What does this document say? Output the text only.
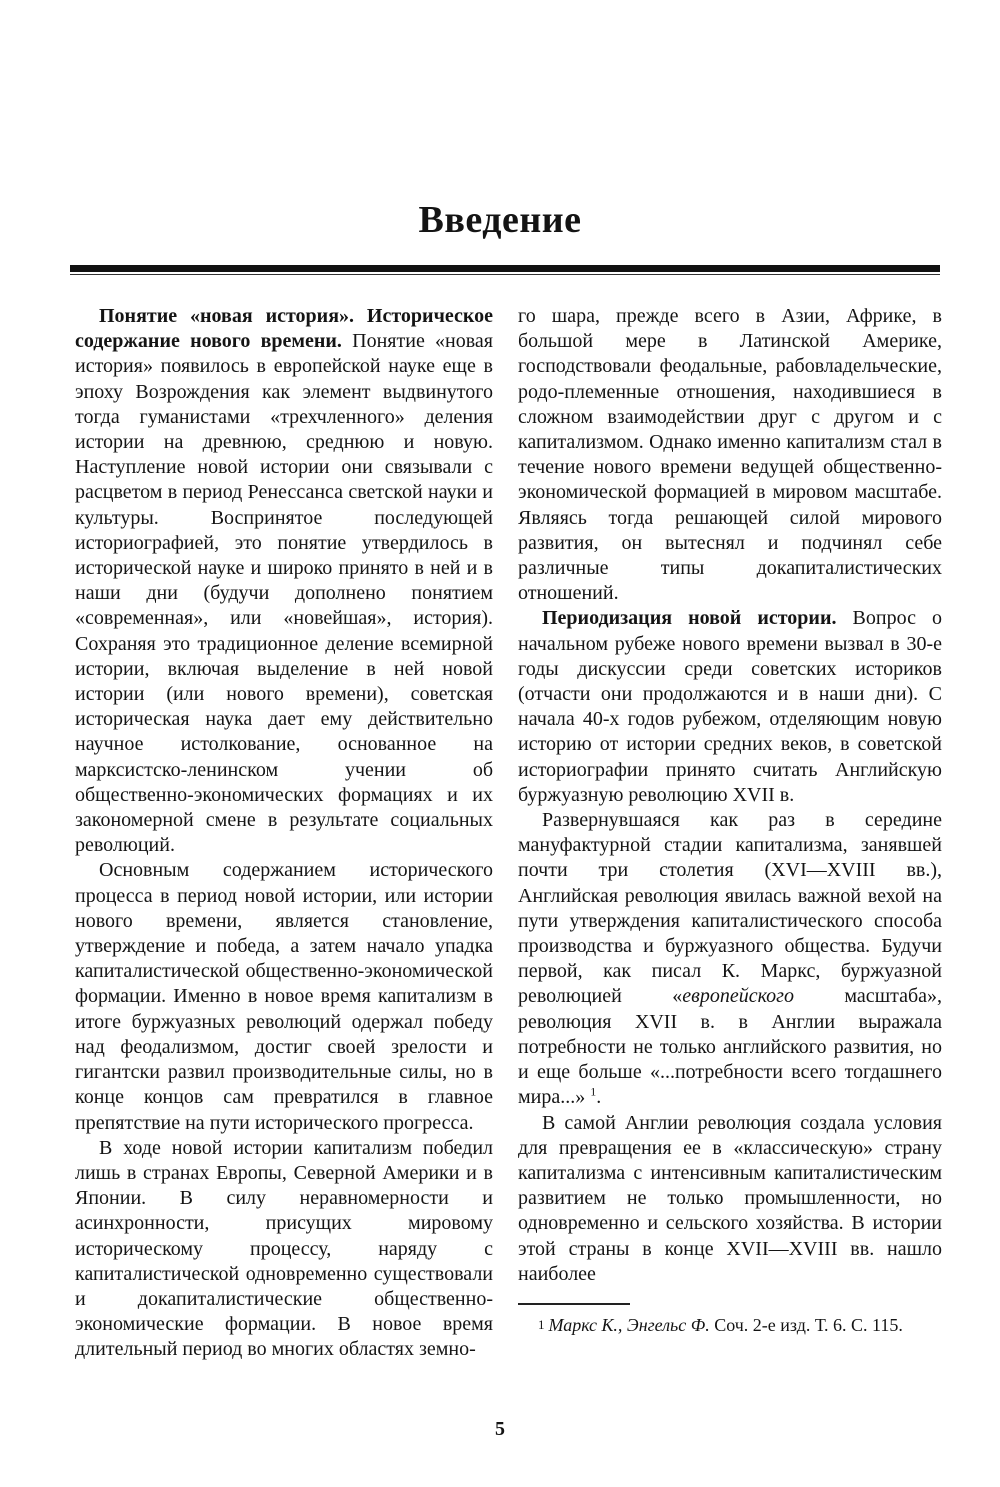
Введение

Понятие «новая история». Историческое содержание нового времени. Понятие «новая история» появилось в европейской науке еще в эпоху Возрождения как элемент выдвинутого тогда гуманистами «трехчленного» деления истории на древнюю, среднюю и новую. Наступление новой истории они связывали с расцветом в период Ренессанса светской науки и культуры. Воспринятое последующей историографией, это понятие утвердилось в исторической науке и широко принято в ней и в наши дни (будучи дополнено понятием «современная», или «новейшая», история). Сохраняя это традиционное деление всемирной истории, включая выделение в ней новой истории (или нового времени), советская историческая наука дает ему действительно научное истолкование, основанное на марксистско-ленинском учении об общественно-экономических формациях и их закономерной смене в результате социальных революций.

Основным содержанием исторического процесса в период новой истории, или истории нового времени, является становление, утверждение и победа, а затем начало упадка капиталистической общественно-экономической формации. Именно в новое время капитализм в итоге буржуазных революций одержал победу над феодализмом, достиг своей зрелости и гигантски развил производительные силы, но в конце концов сам превратился в главное препятствие на пути исторического прогресса.

В ходе новой истории капитализм победил лишь в странах Европы, Северной Америки и в Японии. В силу неравномерности и асинхронности, присущих мировому историческому процессу, наряду с капиталистической одновременно существовали и докапиталистические общественно-экономические формации. В новое время длительный период во многих областях земно-

го шара, прежде всего в Азии, Африке, в большой мере в Латинской Америке, господствовали феодальные, рабовладельческие, родо-племенные отношения, находившиеся в сложном взаимодействии друг с другом и с капитализмом. Однако именно капитализм стал в течение нового времени ведущей общественно-экономической формацией в мировом масштабе. Являясь тогда решающей силой мирового развития, он вытеснял и подчинял себе различные типы докапиталистических отношений.

Периодизация новой истории. Вопрос о начальном рубеже нового времени вызвал в 30-е годы дискуссии среди советских историков (отчасти они продолжаются и в наши дни). С начала 40-х годов рубежом, отделяющим новую историю от истории средних веков, в советской историографии принято считать Английскую буржуазную революцию XVII в.

Развернувшаяся как раз в середине мануфактурной стадии капитализма, занявшей почти три столетия (XVI—XVIII вв.), Английская революция явилась важной вехой на пути утверждения капиталистического способа производства и буржуазного общества. Будучи первой, как писал К. Маркс, буржуазной революцией «европейского масштаба», революция XVII в. в Англии выражала потребности не только английского развития, но и еще больше «...потребности всего тогдашнего мира...» $^1$.

В самой Англии революция создала условия для превращения ее в «классическую» страну капитализма с интенсивным капиталистическим развитием не только промышленности, но одновременно и сельского хозяйства. В истории этой страны в конце XVII—XVIII вв. нашло наиболее

$^1$ Маркс К., Энгельс Ф. Соч. 2-е изд. Т. 6. С. 115.

5
